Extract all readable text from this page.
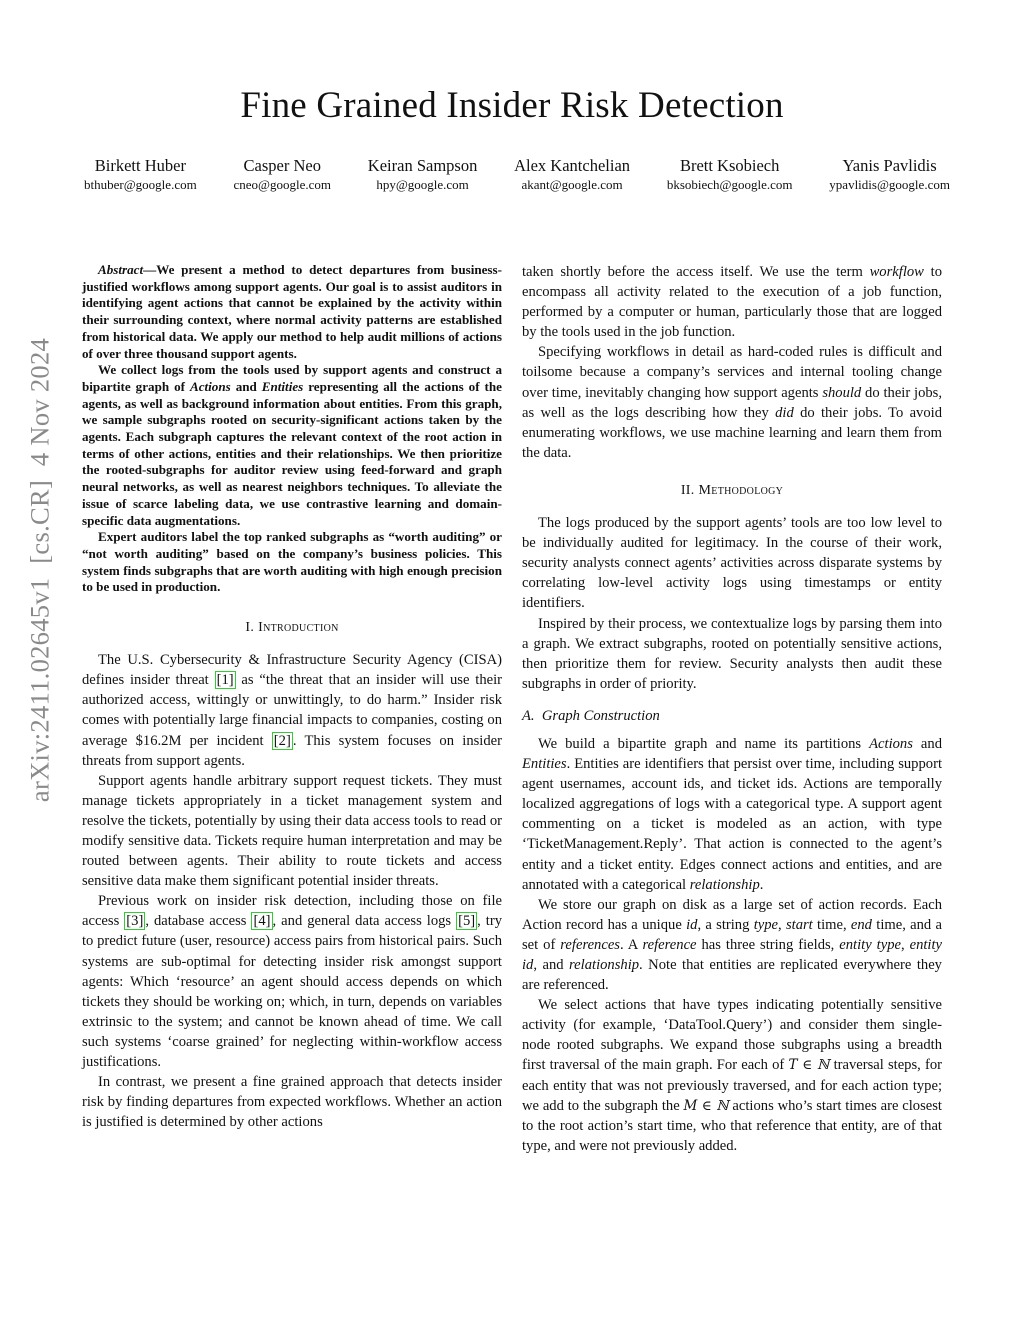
Fine Grained Insider Risk Detection
Birkett Huber
bthuber@google.com
Casper Neo
cneo@google.com
Keiran Sampson
hpy@google.com
Alex Kantchelian
akant@google.com
Brett Ksobiech
bksobiech@google.com
Yanis Pavlidis
ypavlidis@google.com
arXiv:2411.02645v1  [cs.CR]  4 Nov 2024

Abstract—We present a method to detect departures from business-justified workflows among support agents. Our goal is to assist auditors in identifying agent actions that cannot be explained by the activity within their surrounding context, where normal activity patterns are established from historical data. We apply our method to help audit millions of actions of over three thousand support agents.

We collect logs from the tools used by support agents and construct a bipartite graph of Actions and Entities representing all the actions of the agents, as well as background information about entities. From this graph, we sample subgraphs rooted on security-significant actions taken by the agents. Each subgraph captures the relevant context of the root action in terms of other actions, entities and their relationships. We then prioritize the rooted-subgraphs for auditor review using feed-forward and graph neural networks, as well as nearest neighbors techniques. To alleviate the issue of scarce labeling data, we use contrastive learning and domain-specific data augmentations.

Expert auditors label the top ranked subgraphs as “worth auditing” or “not worth auditing” based on the company’s business policies. This system finds subgraphs that are worth auditing with high enough precision to be used in production.

I. Introduction

The U.S. Cybersecurity & Infrastructure Security Agency (CISA) defines insider threat [1] as “the threat that an insider will use their authorized access, wittingly or unwittingly, to do harm.” Insider risk comes with potentially large financial impacts to companies, costing on average $16.2M per incident [2] . This system focuses on insider threats from support agents.

Support agents handle arbitrary support request tickets. They must manage tickets appropriately in a ticket management system and resolve the tickets, potentially by using their data access tools to read or modify sensitive data. Tickets require human interpretation and may be routed between agents. Their ability to route tickets and access sensitive data make them significant potential insider threats.

Previous work on insider risk detection, including those on file access [3] , database access [4] , and general data access logs [5] , try to predict future (user, resource) access pairs from historical pairs. Such systems are sub-optimal for detecting insider risk amongst support agents: Which ‘resource’ an agent should access depends on which tickets they should be working on; which, in turn, depends on variables extrinsic to the system; and cannot be known ahead of time. We call such systems ‘coarse grained’ for neglecting within-workflow access justifications.

In contrast, we present a fine grained approach that detects insider risk by finding departures from expected workflows. Whether an action is justified is determined by other actions

taken shortly before the access itself. We use the term workflow to encompass all activity related to the execution of a job function, performed by a computer or human, particularly those that are logged by the tools used in the job function.

Specifying workflows in detail as hard-coded rules is difficult and toilsome because a company’s services and internal tooling change over time, inevitably changing how support agents should do their jobs, as well as the logs describing how they did do their jobs. To avoid enumerating workflows, we use machine learning and learn them from the data.

II. Methodology

The logs produced by the support agents’ tools are too low level to be individually audited for legitimacy. In the course of their work, security analysts connect agents’ activities across disparate systems by correlating low-level activity logs using timestamps or entity identifiers.

Inspired by their process, we contextualize logs by parsing them into a graph. We extract subgraphs, rooted on potentially sensitive actions, then prioritize them for review. Security analysts then audit these subgraphs in order of priority.

A.  Graph Construction

We build a bipartite graph and name its partitions Actions and Entities. Entities are identifiers that persist over time, including support agent usernames, account ids, and ticket ids. Actions are temporally localized aggregations of logs with a categorical type. A support agent commenting on a ticket is modeled as an action, with type ‘TicketManagement.Reply’. That action is connected to the agent’s entity and a ticket entity. Edges connect actions and entities, and are annotated with a categorical relationship.

We store our graph on disk as a large set of action records. Each Action record has a unique id, a string type, start time, end time, and a set of references. A reference has three string fields, entity type, entity id, and relationship. Note that entities are replicated everywhere they are referenced.

We select actions that have types indicating potentially sensitive activity (for example, ‘DataTool.Query’) and consider them single-node rooted subgraphs. We expand those subgraphs using a breadth first traversal of the main graph. For each of T ∈ ℕ traversal steps, for each entity that was not previously traversed, and for each action type; we add to the subgraph the M ∈ ℕ actions who’s start times are closest to the root action’s start time, who that reference that entity, are of that type, and were not previously added.
